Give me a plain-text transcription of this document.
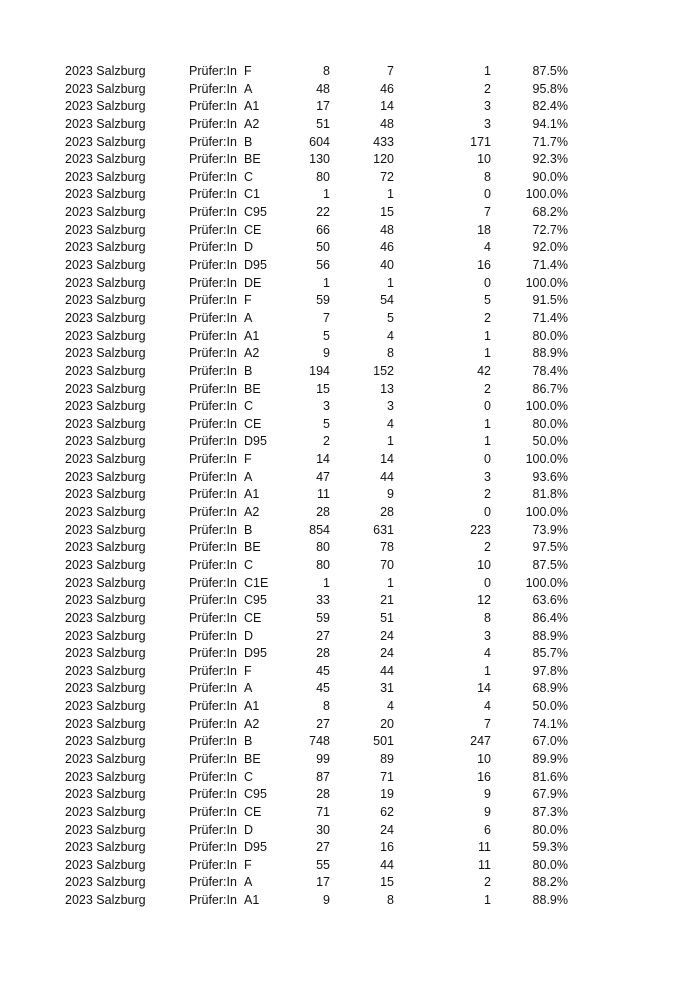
2023 Salzburg	Prüfer:In F	8	7	1	87.5%
2023 Salzburg	Prüfer:In A	48	46	2	95.8%
2023 Salzburg	Prüfer:In A1	17	14	3	82.4%
2023 Salzburg	Prüfer:In A2	51	48	3	94.1%
2023 Salzburg	Prüfer:In B	604	433	171	71.7%
2023 Salzburg	Prüfer:In BE	130	120	10	92.3%
2023 Salzburg	Prüfer:In C	80	72	8	90.0%
2023 Salzburg	Prüfer:In C1	1	1	0	100.0%
2023 Salzburg	Prüfer:In C95	22	15	7	68.2%
2023 Salzburg	Prüfer:In CE	66	48	18	72.7%
2023 Salzburg	Prüfer:In D	50	46	4	92.0%
2023 Salzburg	Prüfer:In D95	56	40	16	71.4%
2023 Salzburg	Prüfer:In DE	1	1	0	100.0%
2023 Salzburg	Prüfer:In F	59	54	5	91.5%
2023 Salzburg	Prüfer:In A	7	5	2	71.4%
2023 Salzburg	Prüfer:In A1	5	4	1	80.0%
2023 Salzburg	Prüfer:In A2	9	8	1	88.9%
2023 Salzburg	Prüfer:In B	194	152	42	78.4%
2023 Salzburg	Prüfer:In BE	15	13	2	86.7%
2023 Salzburg	Prüfer:In C	3	3	0	100.0%
2023 Salzburg	Prüfer:In CE	5	4	1	80.0%
2023 Salzburg	Prüfer:In D95	2	1	1	50.0%
2023 Salzburg	Prüfer:In F	14	14	0	100.0%
2023 Salzburg	Prüfer:In A	47	44	3	93.6%
2023 Salzburg	Prüfer:In A1	11	9	2	81.8%
2023 Salzburg	Prüfer:In A2	28	28	0	100.0%
2023 Salzburg	Prüfer:In B	854	631	223	73.9%
2023 Salzburg	Prüfer:In BE	80	78	2	97.5%
2023 Salzburg	Prüfer:In C	80	70	10	87.5%
2023 Salzburg	Prüfer:In C1E	1	1	0	100.0%
2023 Salzburg	Prüfer:In C95	33	21	12	63.6%
2023 Salzburg	Prüfer:In CE	59	51	8	86.4%
2023 Salzburg	Prüfer:In D	27	24	3	88.9%
2023 Salzburg	Prüfer:In D95	28	24	4	85.7%
2023 Salzburg	Prüfer:In F	45	44	1	97.8%
2023 Salzburg	Prüfer:In A	45	31	14	68.9%
2023 Salzburg	Prüfer:In A1	8	4	4	50.0%
2023 Salzburg	Prüfer:In A2	27	20	7	74.1%
2023 Salzburg	Prüfer:In B	748	501	247	67.0%
2023 Salzburg	Prüfer:In BE	99	89	10	89.9%
2023 Salzburg	Prüfer:In C	87	71	16	81.6%
2023 Salzburg	Prüfer:In C95	28	19	9	67.9%
2023 Salzburg	Prüfer:In CE	71	62	9	87.3%
2023 Salzburg	Prüfer:In D	30	24	6	80.0%
2023 Salzburg	Prüfer:In D95	27	16	11	59.3%
2023 Salzburg	Prüfer:In F	55	44	11	80.0%
2023 Salzburg	Prüfer:In A	17	15	2	88.2%
2023 Salzburg	Prüfer:In A1	9	8	1	88.9%
